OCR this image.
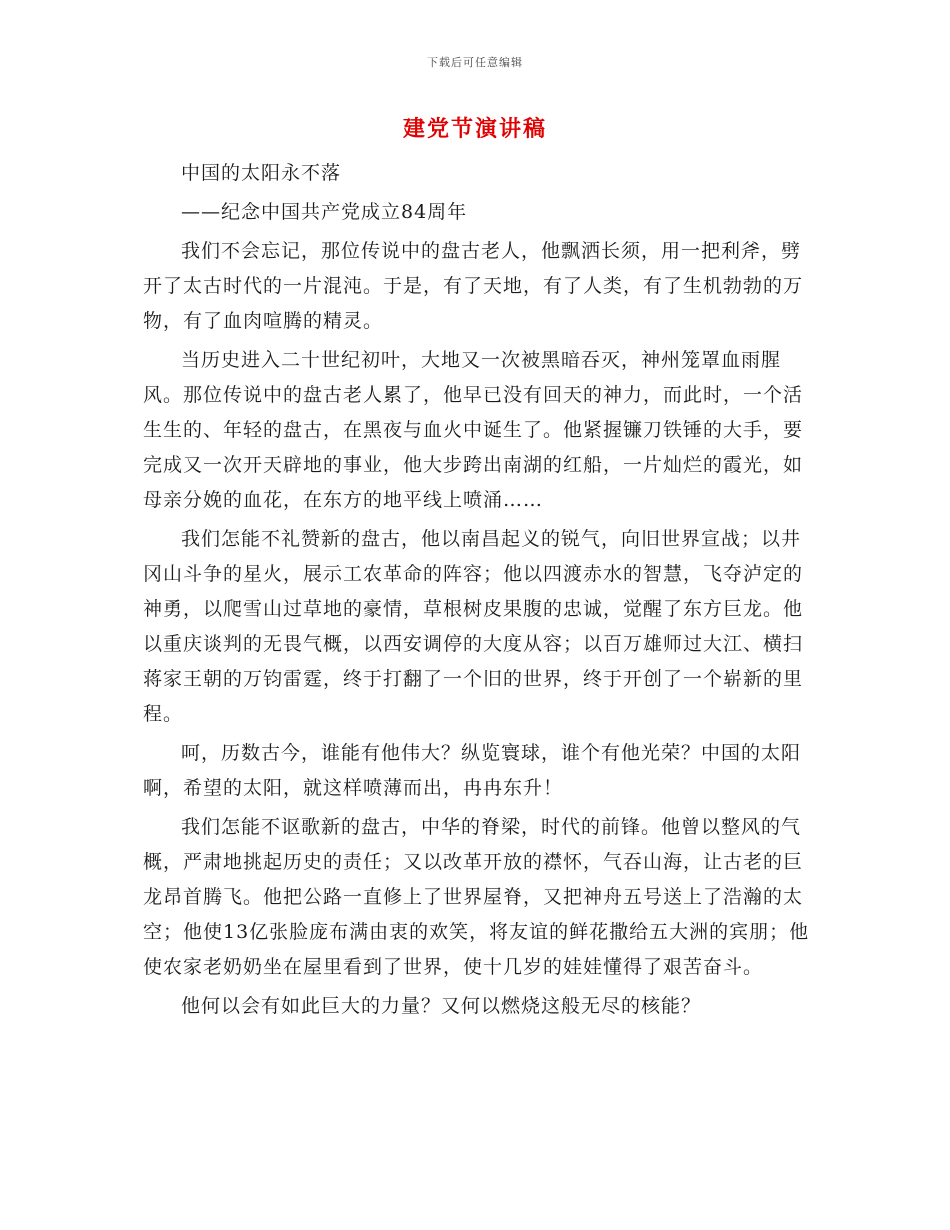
下载后可任意编辑
建党节演讲稿

中国的太阳永不落

——纪念中国共产党成立84周年

我们不会忘记，那位传说中的盘古老人，他飘洒长须，用一把利斧，劈开了太古时代的一片混沌。于是，有了天地，有了人类，有了生机勃勃的万物，有了血肉喧腾的精灵。

当历史进入二十世纪初叶，大地又一次被黑暗吞灭，神州笼罩血雨腥风。那位传说中的盘古老人累了，他早已没有回天的神力，而此时，一个活生生的、年轻的盘古，在黑夜与血火中诞生了。他紧握镰刀铁锤的大手，要完成又一次开天辟地的事业，他大步跨出南湖的红船，一片灿烂的霞光，如母亲分娩的血花，在东方的地平线上喷涌……

我们怎能不礼赞新的盘古，他以南昌起义的锐气，向旧世界宣战；以井冈山斗争的星火，展示工农革命的阵容；他以四渡赤水的智慧，飞夺泸定的神勇，以爬雪山过草地的豪情，草根树皮果腹的忠诚，觉醒了东方巨龙。他以重庆谈判的无畏气概，以西安调停的大度从容；以百万雄师过大江、横扫蒋家王朝的万钧雷霆，终于打翻了一个旧的世界，终于开创了一个崭新的里程。

呵，历数古今，谁能有他伟大？纵览寰球，谁个有他光荣？中国的太阳啊，希望的太阳，就这样喷薄而出，冉冉东升！

我们怎能不讴歌新的盘古，中华的脊梁，时代的前锋。他曾以整风的气概，严肃地挑起历史的责任；又以改革开放的襟怀，气吞山海，让古老的巨龙昂首腾飞。他把公路一直修上了世界屋脊，又把神舟五号送上了浩瀚的太空；他使13亿张脸庞布满由衷的欢笑，将友谊的鲜花撒给五大洲的宾朋；他使农家老奶奶坐在屋里看到了世界，使十几岁的娃娃懂得了艰苦奋斗。

他何以会有如此巨大的力量？又何以燃烧这般无尽的核能？
